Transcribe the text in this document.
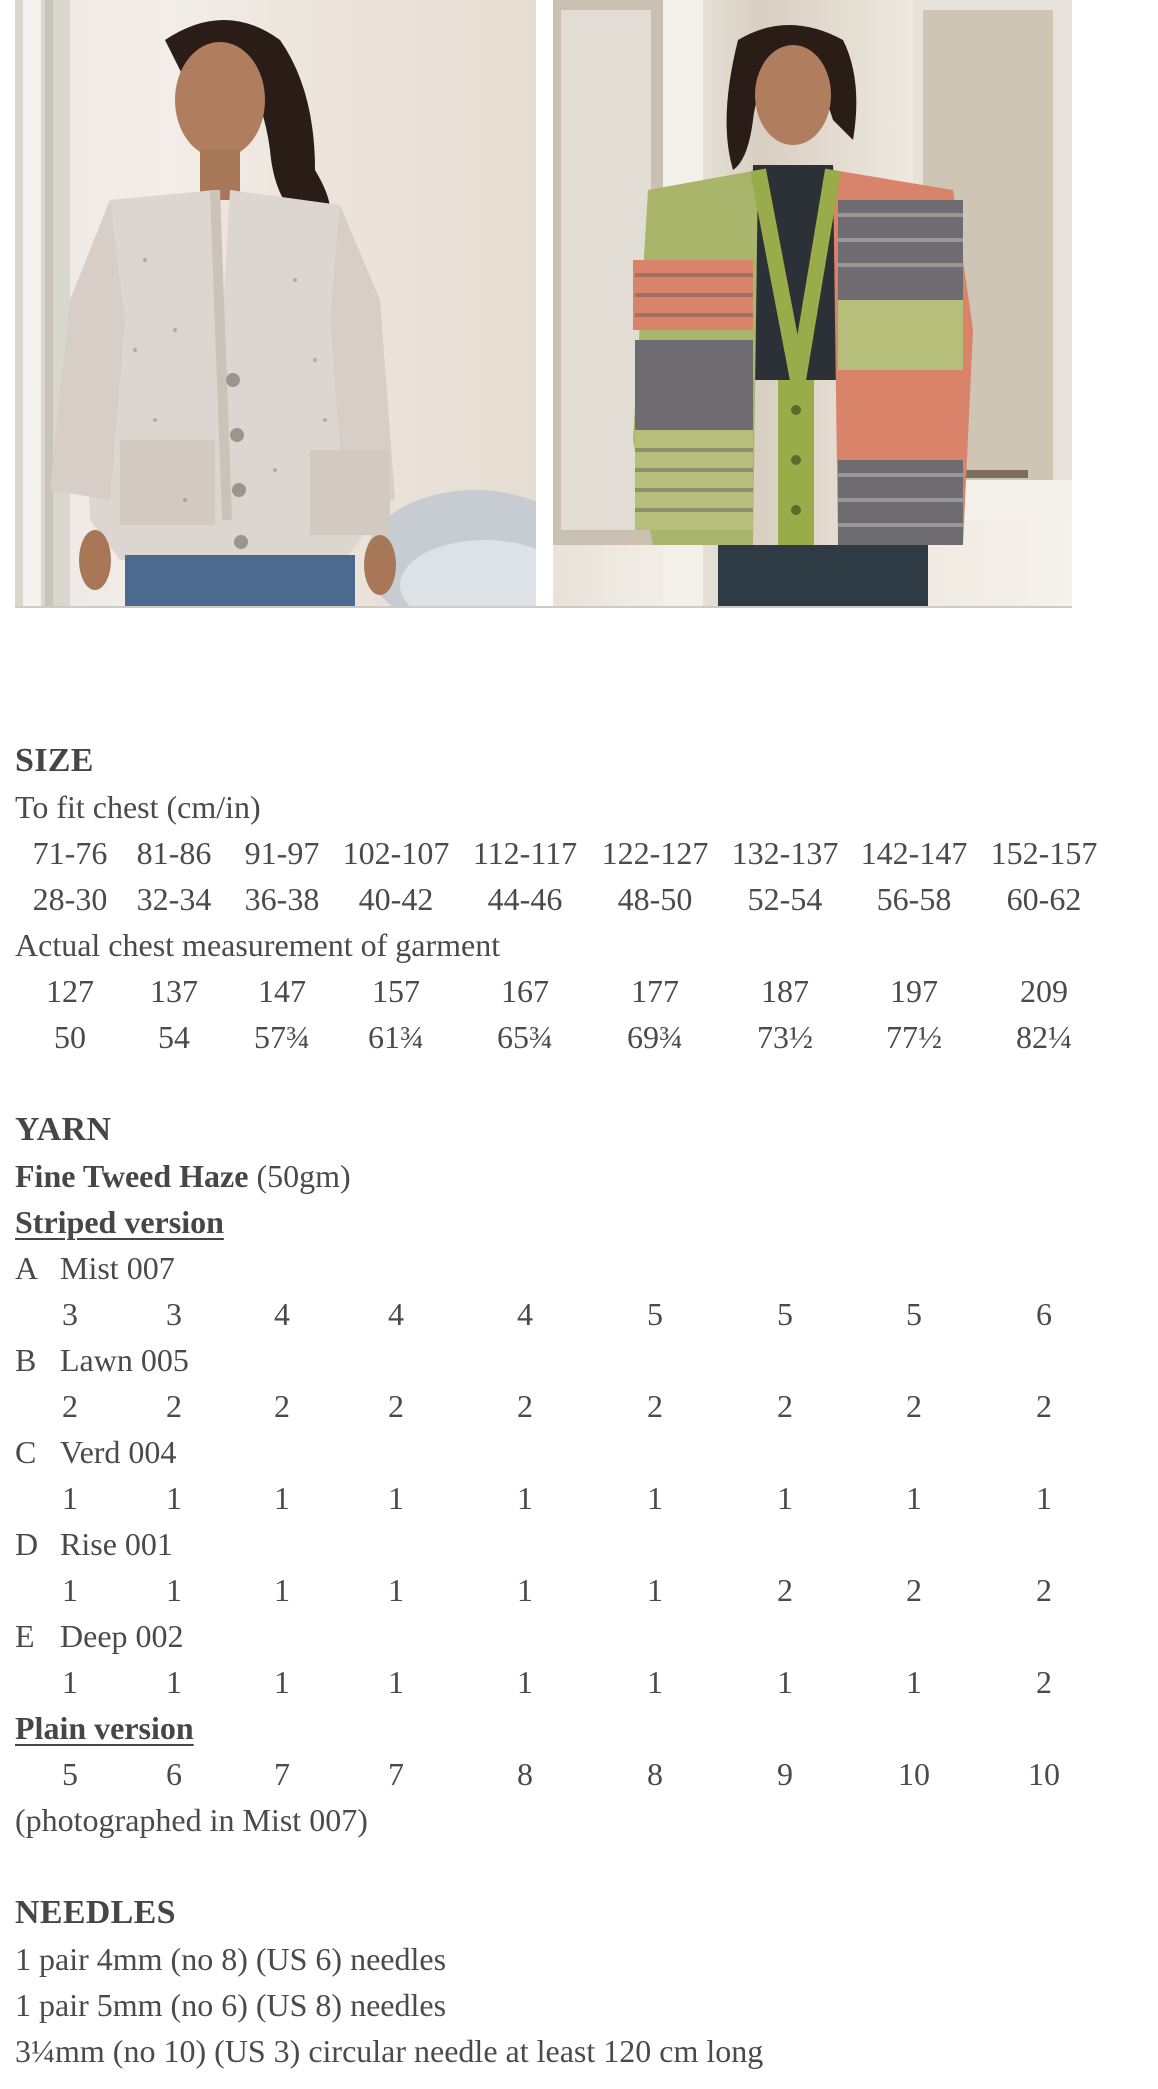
SIZE
To fit chest (cm/in)
71-76 81-86 91-97 102-107 112-117 122-127 132-137 142-147 152-157
28-30 32-34 36-38 40-42 44-46 48-50 52-54 56-58 60-62
Actual chest measurement of garment
127 137 147 157	167	177	187	197	209
50 54 57¾ 61¾ 65¾ 69¾ 73½ 77½ 82¼
YARN
Fine Tweed Haze (50gm)
Striped version
A Mist 007
3	3	4	4	4	5	5	5	6
B Lawn 005
2	2	2	2	2	2	2	2	2
C Verd 004
1	1	1	1	1	1	1	1	1
D Rise 001
1	1	1	1	1	1	2	2	2
E Deep 002
1	1	1	1	1	1	1	1	2
Plain version
5	6	7	7	8	8	9	10	10
(photographed in Mist 007)
NEEDLES
1 pair 4mm (no 8) (US 6) needles
1 pair 5mm (no 6) (US 8) needles
3¼mm (no 10) (US 3) circular needle at least 120 cm long
